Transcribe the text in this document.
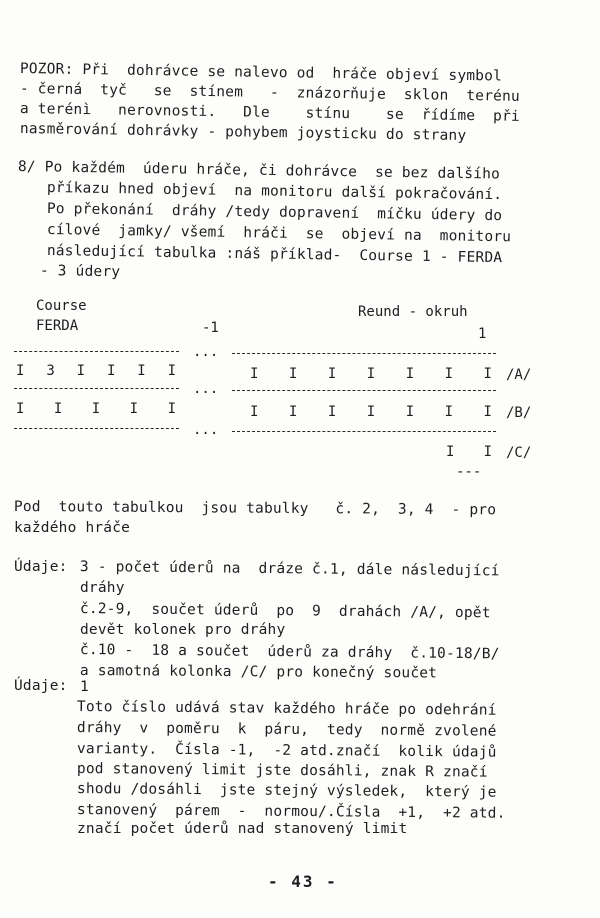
POZOR: Při  dohrávce se nalevo od  hráče objeví symbol
- černá  tyč   se  stínem   -  znázorňuje  sklon  terénu
a terénì   nerovnosti.   Dle    stínu    se  řídíme  při
nasměrování dohrávky - pohybem joysticku do strany
8/ Po každém  úderu hráče, či dohrávce  se bez dalšího
příkazu hned objeví  na monitoru další pokračování.
Po překonání  dráhy /tedy dopravení  míčku údery do
cílové  jamky/ všemí  hráči  se  objeví na  monitoru
následující tabulka :náš příklad-  Course 1 - FERDA
- 3 údery
Course
FERDA	-1
Reund - okruh
1
...
I 3 I I I I	I I I I I I I /A/
...
I I I I I	I I I I I I I /B/
...
I I /C/
---
Pod  touto tabulkou  jsou tabulky   č. 2,  3, 4  - pro
každého hráče
Údaje: 3 - počet úderů na  dráze č.1, dále následující
dráhy
č.2-9,  součet úderů  po  9  drahách /A/, opět
devět kolonek pro dráhy
č.10 -  18 a součet  úderů za dráhy  č.10-18/B/
a samotná kolonka /C/ pro konečný součet
Údaje: 1
Toto číslo udává stav každého hráče po odehrání
dráhy  v  poměru  k  páru,  tedy  normě zvolené
varianty.  Čísla -1,  -2 atd.značí  kolik údajů
pod stanovený limit jste dosáhli, znak R značí
shodu /dosáhli  jste stejný výsledek,  který je
stanovený  párem  -  normou/.Čísla  +1,  +2 atd.
značí počet úderů nad stanovený limit
- 43 -
